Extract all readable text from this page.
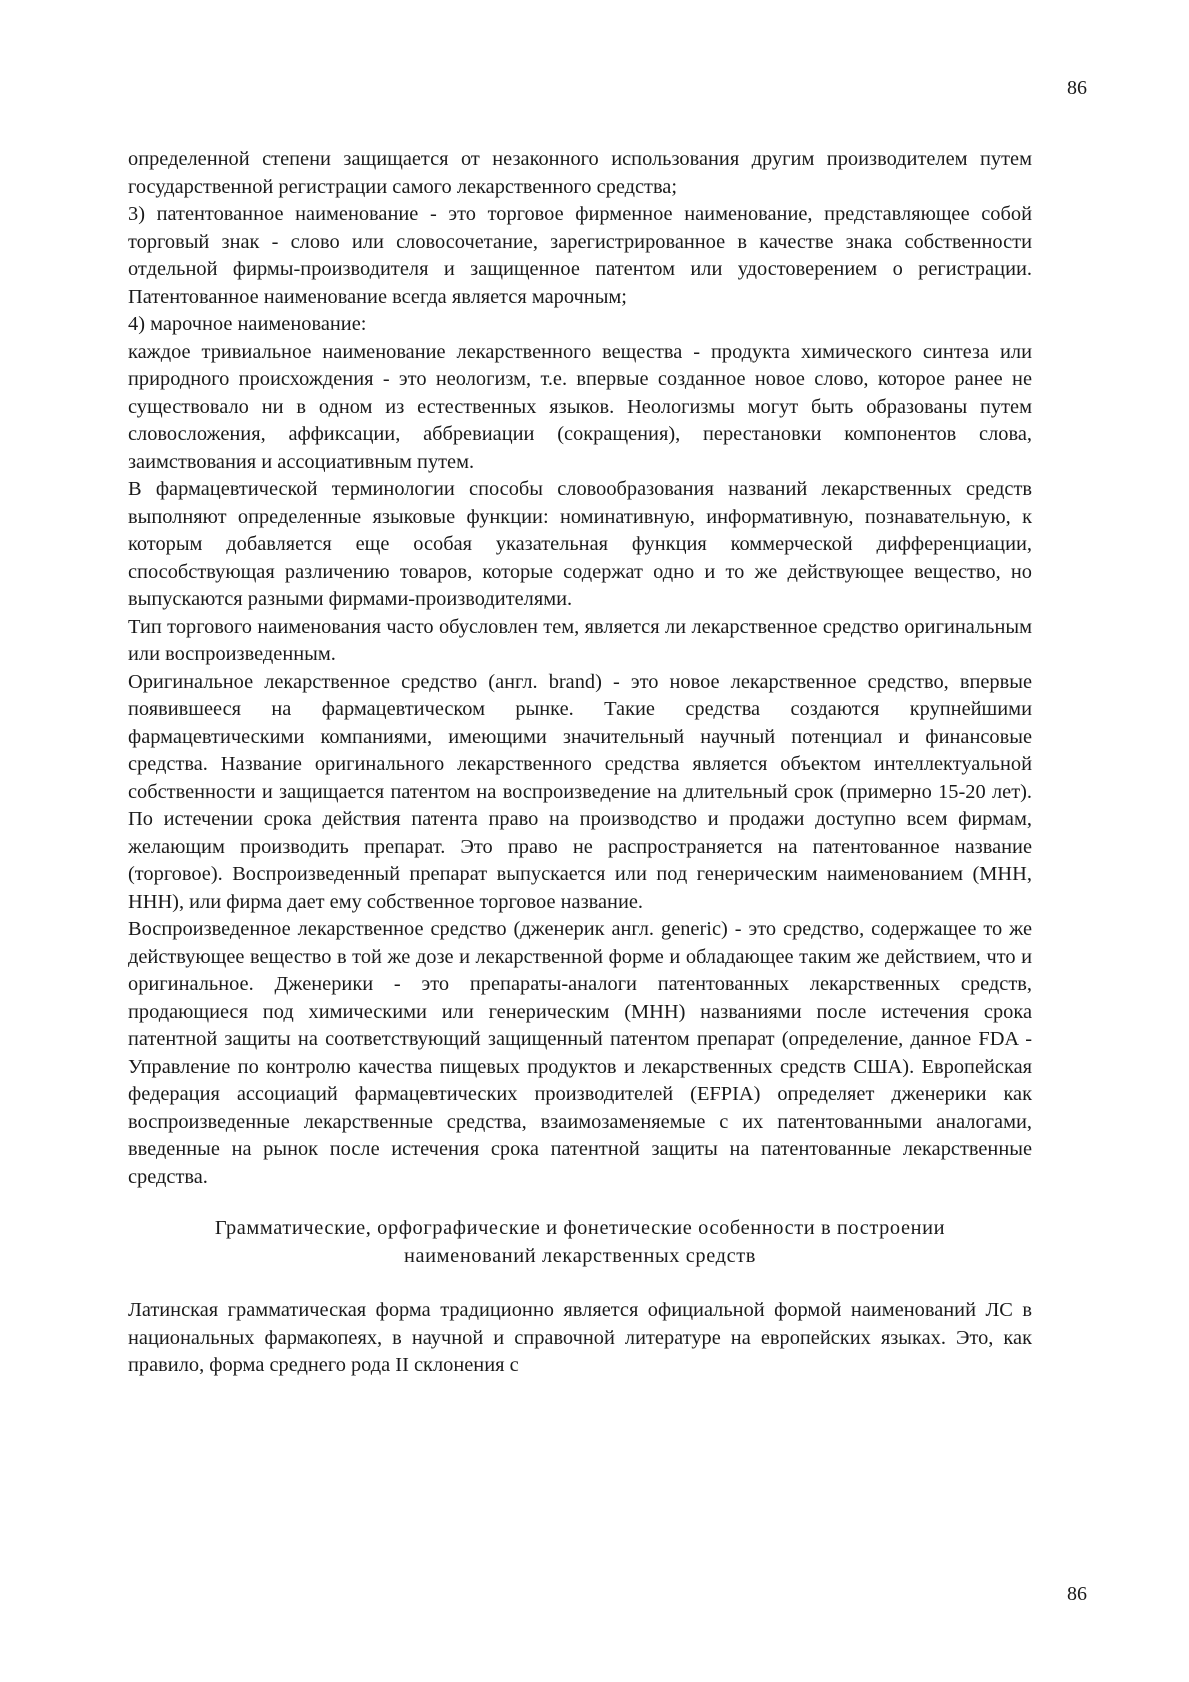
86

определенной степени защищается от незаконного использования другим производителем путем государственной регистрации самого лекарственного средства;

3) патентованное наименование - это торговое фирменное наименование, представляющее собой торговый знак - слово или словосочетание, зарегистрированное в качестве знака собственности отдельной фирмы-производителя и защищенное патентом или удостоверением о регистрации. Патентованное наименование всегда является марочным;

4) марочное наименование:

каждое тривиальное наименование лекарственного вещества - продукта химического синтеза или природного происхождения - это неологизм, т.е. впервые созданное новое слово, которое ранее не существовало ни в одном из естественных языков. Неологизмы могут быть образованы путем словосложения, аффиксации, аббревиации (сокращения), перестановки компонентов слова, заимствования и ассоциативным путем.

В фармацевтической терминологии способы словообразования названий лекарственных средств выполняют определенные языковые функции: номинативную, информативную, познавательную, к которым добавляется еще особая указательная функция коммерческой дифференциации, способствующая различению товаров, которые содержат одно и то же действующее вещество, но выпускаются разными фирмами-производителями.

Тип торгового наименования часто обусловлен тем, является ли лекарственное средство оригинальным или воспроизведенным.

Оригинальное лекарственное средство (англ. brand) - это новое лекарственное средство, впервые появившееся на фармацевтическом рынке. Такие средства создаются крупнейшими фармацевтическими компаниями, имеющими значительный научный потенциал и финансовые средства. Название оригинального лекарственного средства является объектом интеллектуальной собственности и защищается патентом на воспроизведение на длительный срок (примерно 15-20 лет). По истечении срока действия патента право на производство и продажи доступно всем фирмам, желающим производить препарат. Это право не распространяется на патентованное название (торговое). Воспроизведенный препарат выпускается или под генерическим наименованием (МНН, ННН), или фирма дает ему собственное торговое название.

Воспроизведенное лекарственное средство (дженерик англ. generic) - это средство, содержащее то же действующее вещество в той же дозе и лекарственной форме и обладающее таким же действием, что и оригинальное. Дженерики - это препараты-аналоги патентованных лекарственных средств, продающиеся под химическими или генерическим (МНН) названиями после истечения срока патентной защиты на соответствующий защищенный патентом препарат (определение, данное FDA - Управление по контролю качества пищевых продуктов и лекарственных средств США). Европейская федерация ассоциаций фармацевтических производителей (EFPIA) определяет дженерики как воспроизведенные лекарственные средства, взаимозаменяемые с их патентованными аналогами, введенные на рынок после истечения срока патентной защиты на патентованные лекарственные средства.

Грамматические, орфографические и фонетические особенности в построении
наименований лекарственных средств

Латинская грамматическая форма традиционно является официальной формой наименований ЛС в национальных фармакопеях, в научной и справочной литературе на европейских языках. Это, как правило, форма среднего рода II склонения с

86
